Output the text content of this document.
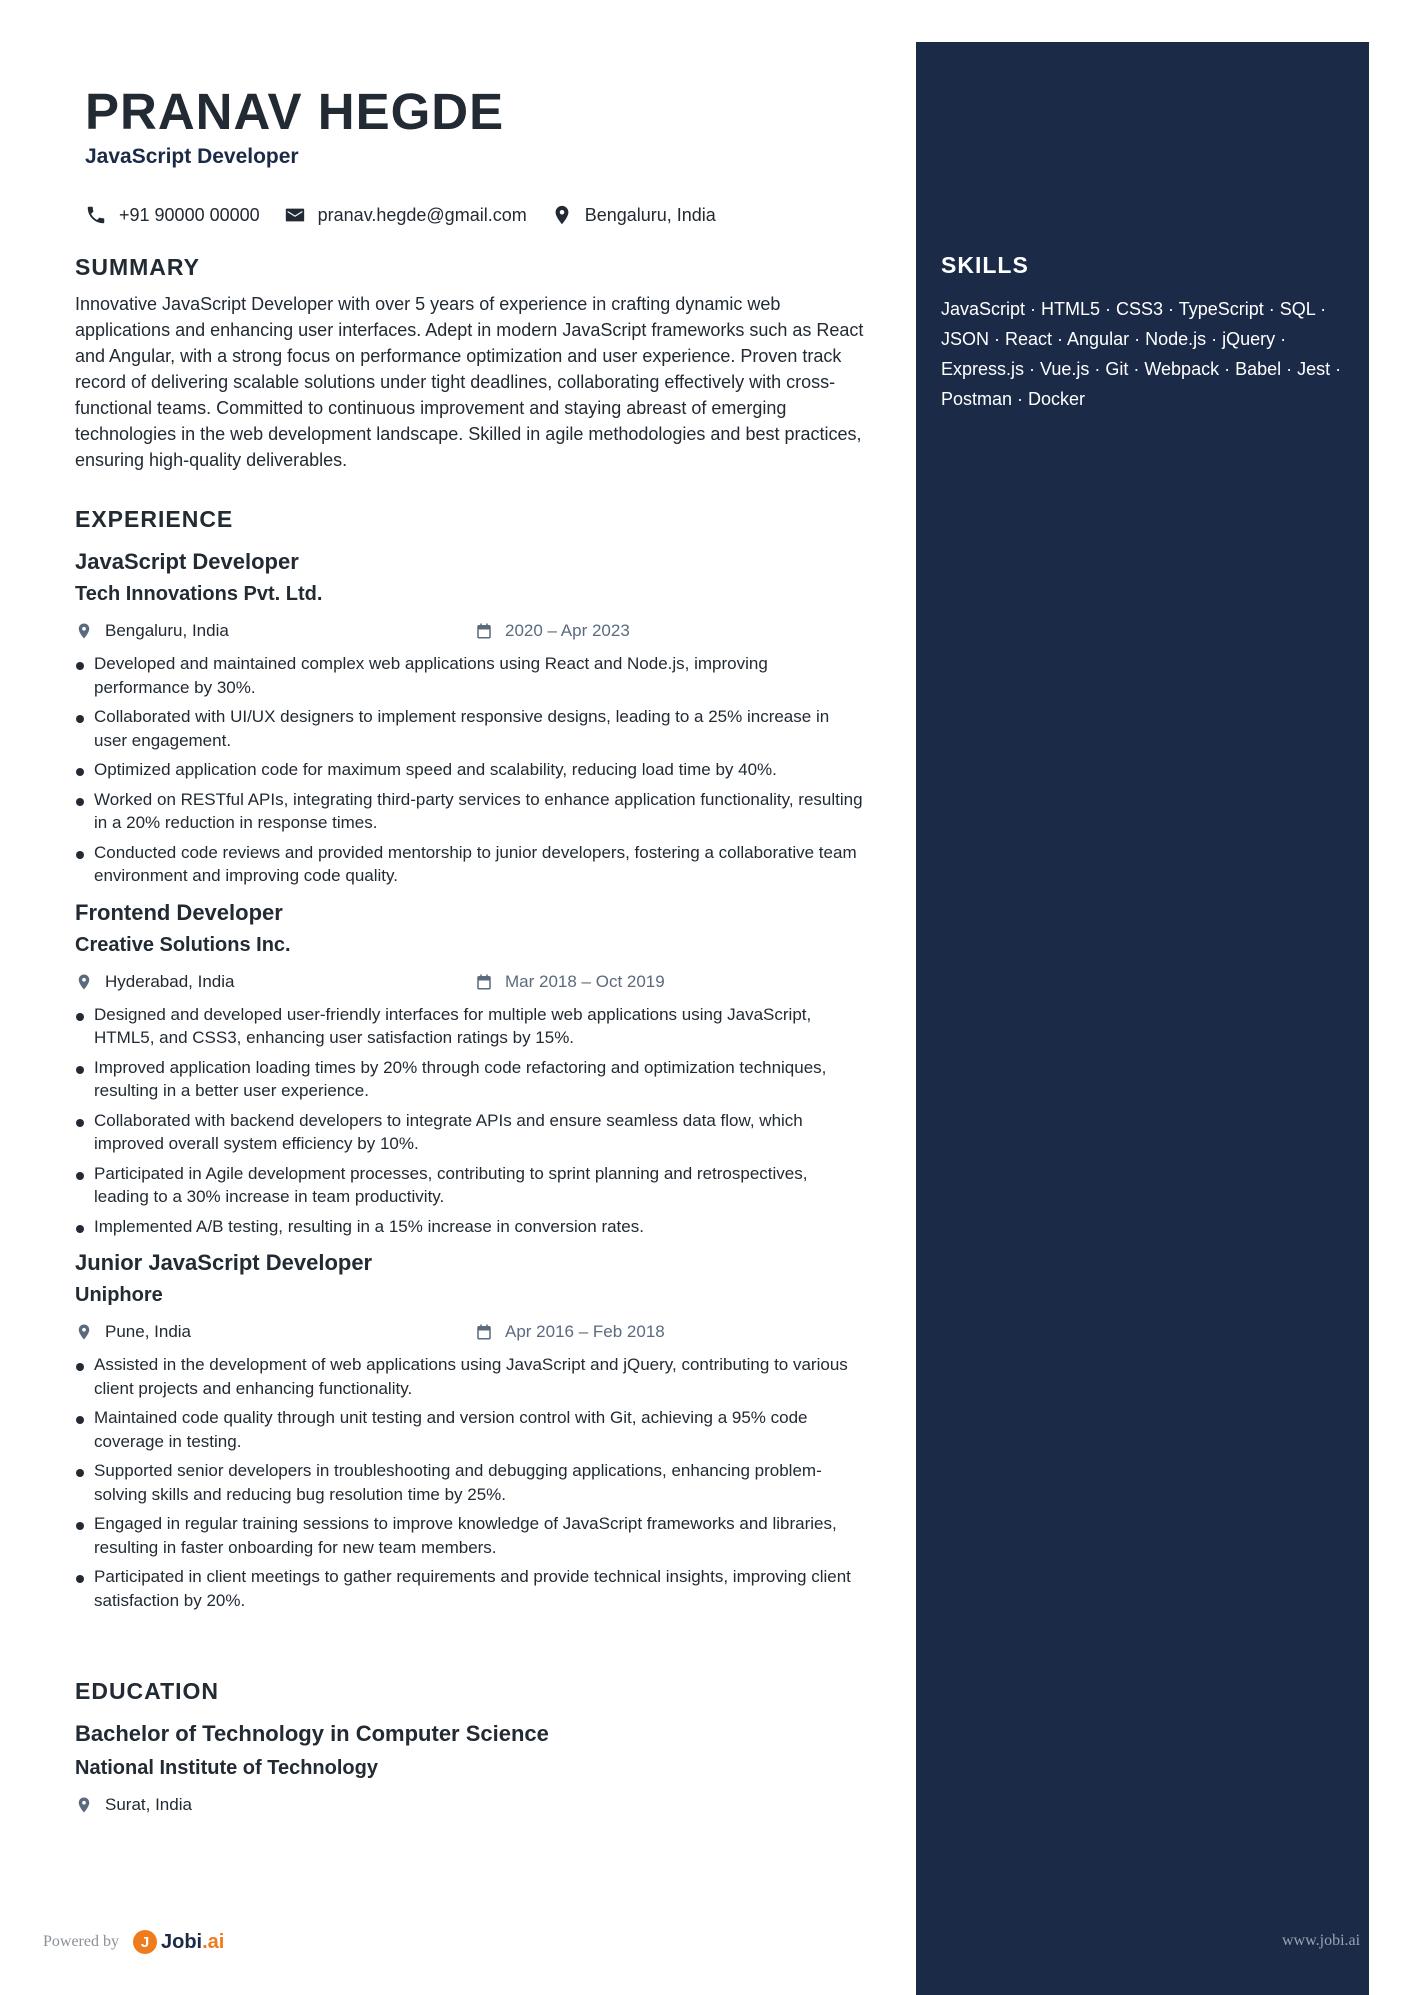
SKILLS
JavaScript · HTML5 · CSS3 · TypeScript · SQL · JSON · React · Angular · Node.js · jQuery · Express.js · Vue.js · Git · Webpack · Babel · Jest · Postman · Docker
PRANAV HEGDE
JavaScript Developer
+91 90000 00000	pranav.hegde@gmail.com	Bengaluru, India
SUMMARY
Innovative JavaScript Developer with over 5 years of experience in crafting dynamic web applications and enhancing user interfaces. Adept in modern JavaScript frameworks such as React and Angular, with a strong focus on performance optimization and user experience. Proven track record of delivering scalable solutions under tight deadlines, collaborating effectively with cross-functional teams. Committed to continuous improvement and staying abreast of emerging technologies in the web development landscape. Skilled in agile methodologies and best practices, ensuring high-quality deliverables.
EXPERIENCE
JavaScript Developer
Tech Innovations Pvt. Ltd.
Bengaluru, India	2020 – Apr 2023
Developed and maintained complex web applications using React and Node.js, improving performance by 30%.
Collaborated with UI/UX designers to implement responsive designs, leading to a 25% increase in user engagement.
Optimized application code for maximum speed and scalability, reducing load time by 40%.
Worked on RESTful APIs, integrating third-party services to enhance application functionality, resulting in a 20% reduction in response times.
Conducted code reviews and provided mentorship to junior developers, fostering a collaborative team environment and improving code quality.
Frontend Developer
Creative Solutions Inc.
Hyderabad, India	Mar 2018 – Oct 2019
Designed and developed user-friendly interfaces for multiple web applications using JavaScript, HTML5, and CSS3, enhancing user satisfaction ratings by 15%.
Improved application loading times by 20% through code refactoring and optimization techniques, resulting in a better user experience.
Collaborated with backend developers to integrate APIs and ensure seamless data flow, which improved overall system efficiency by 10%.
Participated in Agile development processes, contributing to sprint planning and retrospectives, leading to a 30% increase in team productivity.
Implemented A/B testing, resulting in a 15% increase in conversion rates.
Junior JavaScript Developer
Uniphore
Pune, India	Apr 2016 – Feb 2018
Assisted in the development of web applications using JavaScript and jQuery, contributing to various client projects and enhancing functionality.
Maintained code quality through unit testing and version control with Git, achieving a 95% code coverage in testing.
Supported senior developers in troubleshooting and debugging applications, enhancing problem-solving skills and reducing bug resolution time by 25%.
Engaged in regular training sessions to improve knowledge of JavaScript frameworks and libraries, resulting in faster onboarding for new team members.
Participated in client meetings to gather requirements and provide technical insights, improving client satisfaction by 20%.
EDUCATION
Bachelor of Technology in Computer Science
National Institute of Technology
Surat, India
Powered by	J Jobi.ai	www.jobi.ai
